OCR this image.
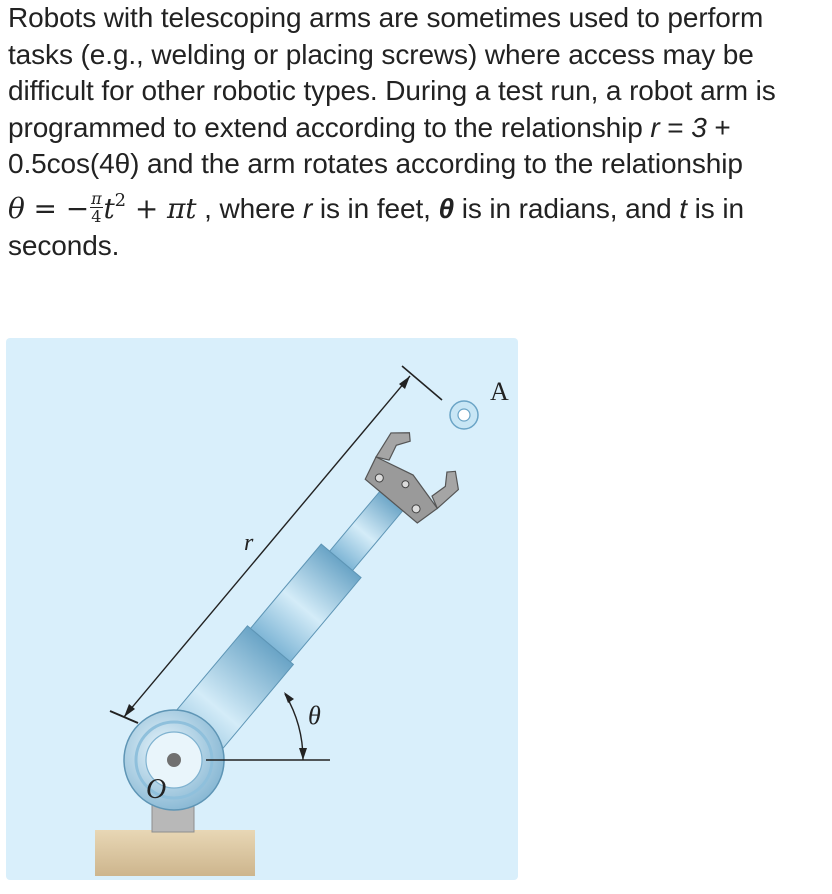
Robots with telescoping arms are sometimes used to perform tasks (e.g., welding or placing screws) where access may be difficult for other robotic types. During a test run, a robot arm is programmed to extend according to the relationship r = 3 + 0.5cos(4θ) and the arm rotates according to the relationship θ = − $\frac{\pi}{4} t^2 + \pi t$ , where r is in feet, θ is in radians, and t is in seconds.

θ
r
A
O
